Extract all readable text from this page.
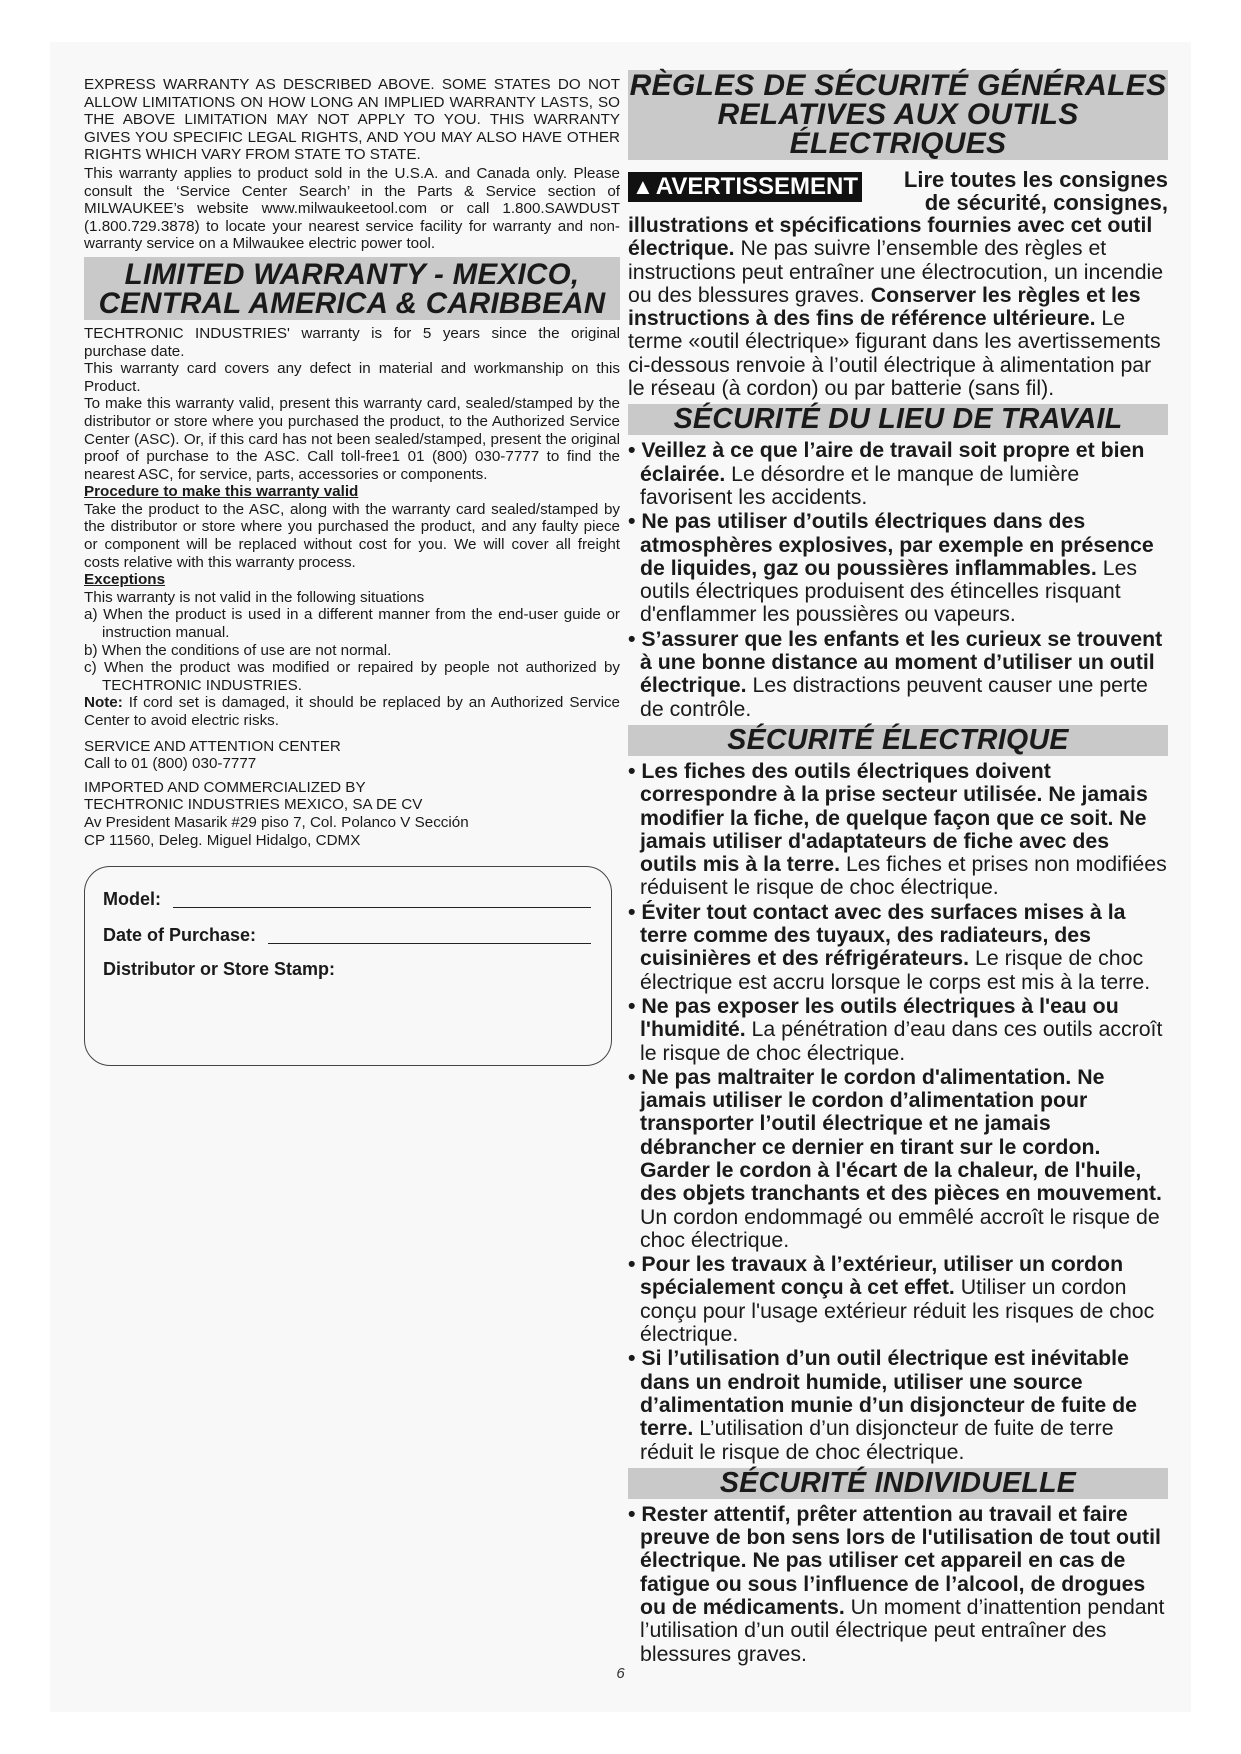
EXPRESS WARRANTY AS DESCRIBED ABOVE. SOME STATES DO NOT ALLOW LIMITATIONS ON HOW LONG AN IMPLIED WARRANTY LASTS, SO THE ABOVE LIMITATION MAY NOT APPLY TO YOU. THIS WARRANTY GIVES YOU SPECIFIC LEGAL RIGHTS, AND YOU MAY ALSO HAVE OTHER RIGHTS WHICH VARY FROM STATE TO STATE.

This warranty applies to product sold in the U.S.A. and Canada only. Please consult the ‘Service Center Search’ in the Parts & Service section of MILWAUKEE’s website www.milwaukeetool.com or call 1.800.SAWDUST (1.800.729.3878) to locate your nearest service facility for warranty and non-warranty service on a Milwaukee electric power tool.

LIMITED WARRANTY - MEXICO,
CENTRAL AMERICA & CARIBBEAN

TECHTRONIC INDUSTRIES' warranty is for 5 years since the original purchase date.

This warranty card covers any defect in material and workmanship on this Product.

To make this warranty valid, present this warranty card, sealed/stamped by the distributor or store where you purchased the product, to the Authorized Service Center (ASC). Or, if this card has not been sealed/stamped, present the original proof of purchase to the ASC. Call toll-free1 01 (800) 030-7777 to find the nearest ASC, for service, parts, accessories or components.

Procedure to make this warranty valid

Take the product to the ASC, along with the warranty card sealed/stamped by the distributor or store where you purchased the product, and any faulty piece or component will be replaced without cost for you. We will cover all freight costs relative with this warranty process.

Exceptions

This warranty is not valid in the following situations

a) When the product is used in a different manner from the end-user guide or instruction manual.

b) When the conditions of use are not normal.

c) When the product was modified or repaired by people not authorized by TECHTRONIC INDUSTRIES.

Note: If cord set is damaged, it should be replaced by an Authorized Service Center to avoid electric risks.

SERVICE AND ATTENTION CENTER

Call to 01 (800) 030-7777

IMPORTED AND COMMERCIALIZED BY

TECHTRONIC INDUSTRIES MEXICO, SA DE CV

Av President Masarik #29 piso 7, Col. Polanco V Sección

CP 11560, Deleg. Miguel Hidalgo, CDMX

Model:
Date of Purchase:
Distributor or Store Stamp:
RÈGLES DE SÉCURITÉ GÉNÉRALES
RELATIVES AUX OUTILS ÉLECTRIQUES
▲ AVERTISSEMENT	Lire toutes les consignes
de sécurité, consignes,

illustrations et spécifications fournies avec cet outil électrique. Ne pas suivre l’ensemble des règles et instructions peut entraîner une électrocution, un incendie ou des blessures graves. Conserver les règles et les instructions à des fins de référence ultérieure. Le terme «outil électrique» figurant dans les avertissements ci-dessous renvoie à l’outil électrique à alimentation par le réseau (à cordon) ou par batterie (sans fil).

SÉCURITÉ DU LIEU DE TRAVAIL

• Veillez à ce que l’aire de travail soit propre et bien éclairée. Le désordre et le manque de lumière favorisent les accidents.

• Ne pas utiliser d’outils électriques dans des atmosphères explosives, par exemple en présence de liquides, gaz ou poussières inflammables. Les outils électriques produisent des étincelles risquant d'enflammer les poussières ou vapeurs.

• S’assurer que les enfants et les curieux se trouvent à une bonne distance au moment d’utiliser un outil électrique. Les distractions peuvent causer une perte de contrôle.

SÉCURITÉ ÉLECTRIQUE

• Les fiches des outils électriques doivent correspondre à la prise secteur utilisée. Ne jamais modifier la fiche, de quelque façon que ce soit. Ne jamais utiliser d'adaptateurs de fiche avec des outils mis à la terre. Les fiches et prises non modifiées réduisent le risque de choc électrique.

• Éviter tout contact avec des surfaces mises à la terre comme des tuyaux, des radiateurs, des cuisinières et des réfrigérateurs. Le risque de choc électrique est accru lorsque le corps est mis à la terre.

• Ne pas exposer les outils électriques à l'eau ou l'humidité. La pénétration d’eau dans ces outils accroît le risque de choc électrique.

• Ne pas maltraiter le cordon d'alimentation. Ne jamais utiliser le cordon d’alimentation pour transporter l’outil électrique et ne jamais débrancher ce dernier en tirant sur le cordon. Garder le cordon à l'écart de la chaleur, de l'huile, des objets tranchants et des pièces en mouvement. Un cordon endommagé ou emmêlé accroît le risque de choc électrique.

• Pour les travaux à l’extérieur, utiliser un cordon spécialement conçu à cet effet. Utiliser un cordon conçu pour l'usage extérieur réduit les risques de choc électrique.

• Si l’utilisation d’un outil électrique est inévitable dans un endroit humide, utiliser une source d’alimentation munie d’un disjoncteur de fuite de terre. L’utilisation d’un disjoncteur de fuite de terre réduit le risque de choc électrique.

SÉCURITÉ INDIVIDUELLE

• Rester attentif, prêter attention au travail et faire preuve de bon sens lors de l'utilisation de tout outil électrique. Ne pas utiliser cet appareil en cas de fatigue ou sous l’influence de l’alcool, de drogues ou de médicaments. Un moment d’inattention pendant l’utilisation d’un outil électrique peut entraîner des blessures graves.

6
